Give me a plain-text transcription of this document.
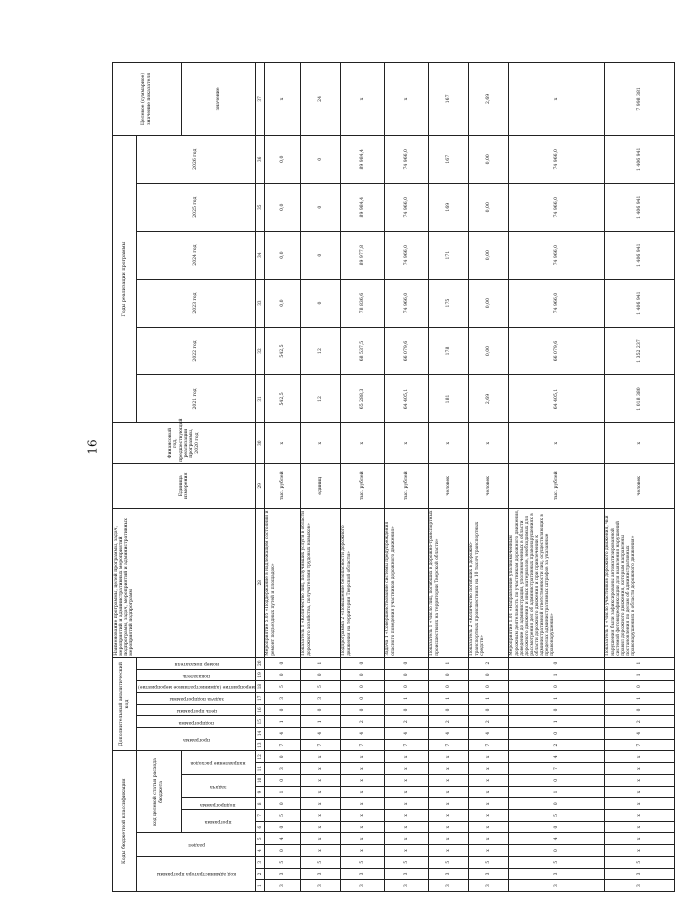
16
Коды бюджетной классификации												Дополнительный аналитический код								Наименование программы, целей программы, задач, мероприятий и административных мероприятий подпрограмм, задач, мероприятий и административных мероприятий подпрограмм	Единица измерения	Финансовый год, предшествующий реализации программы, 2020 год	Годы реализации программы						Целевое (суммарное) значение показателя
код администратора программы			раздел		код целевой статьи расхода бюджета							программа		подпрограмма	цель программы	задача подпрограммы	мероприятие (административное мероприятие)	показатель	номер показателя				2021 год	2022 год	2023 год	2024 год	2025 год	2026 год	
					программа		подпрограмма	задача		направление расходов																			значение
1	2	3	4	5	6	7	8	9	10	11	12	13	14	15	16	17	18	19	20	28	29	30	31	32	33	34	35	36	37
3	3	5	0	4	0	5	0	1	0	3	0	7	4	1	0	3	5	0	0	Мероприятие 5.05 «Поддержание в надлежащем состоянии и ремонт подъездных путей и площадок»	тыс. рублей	x	542,5	542,5	0,0	0,0	0,0	0,0	x
3	3	5	x	x	x	x	x	x	x	x	x	7	4	1	0	3	5	0	1	Показатель 1 «Количество лиц, получивших услуги в области дорожного хозяйства, получателями трудовых навыков»	единиц	x	12	12	0	0	0	0	24
3	3	5	x	x	x	x	x	x	x	x	x	7	4	2	0	0	0	0	0	Подпрограмма 2 «Повышение безопасности дорожного движения на территории Тверской области»	тыс. рублей	x	65 288,3	68 537,5	78 836,6	89 977,8	89 984,4	89 984,4	x
3	3	5	x	x	x	x	x	x	x	x	x	7	4	2	0	1	0	0	0	Задача 1 «Совершенствование системы предупреждения опасного поведения участников дорожного движения»	тыс. рублей	x	64 405,1	66 079,6	74 966,0	74 966,0	74 966,0	74 966,0	x
3	3	5	x	x	x	x	x	x	x	x	x	7	4	2	0	1	0	0	1	Показатель 1 «Число лиц, погибших в дорожно-транспортных происшествиях на территории Тверской области»	человек	x	181	178	175	171	169	167	167
3	3	5	x	x	x	x	x	x	x	x	x	7	4	2	0	1	0	0	2	Показатель 2 «Количество погибших в дорожно-транспортных происшествиях на 10 тысяч транспортных средств»	человек	x	2,69	0,00	0,00	0,00	0,00	0,00	2,69
3	3	5	0	4	0	5	0	1	0	7	4	2	0	1	0	1	0	1	0	Мероприятие 1.01 «Направление уполномоченным дорожным деятельность по участникам дорожного движения, доведение до администрации, уполномоченных в области дорожного движения и иных материалов, необходимых для рассмотрения дел об административных правонарушениях в области дорожного движения и при привлечении к административной ответственности лиц, осуществляющих в пределах административных штрафов за указанные правонарушения»	тыс. рублей	x	64 405,1	66 079,6	74 966,0	74 966,0	74 966,0	74 966,0	x
3	3	5	x	x	x	x	x	x	x	x	x	7	4	2	0	1	0	1	1	Показатель 1 «Число участников дорожного движения, чьи нарушения были зафиксированы автоматизированной системой фотовидеофиксации для выявления нарушений правил дорожного движения, которым направлены постановления по делам об административных правонарушениях в области дорожного движения»	человек	x	1 018 380	1 352 237	1 406 941	1 406 941	1 406 941	1 406 941	7 998 381
